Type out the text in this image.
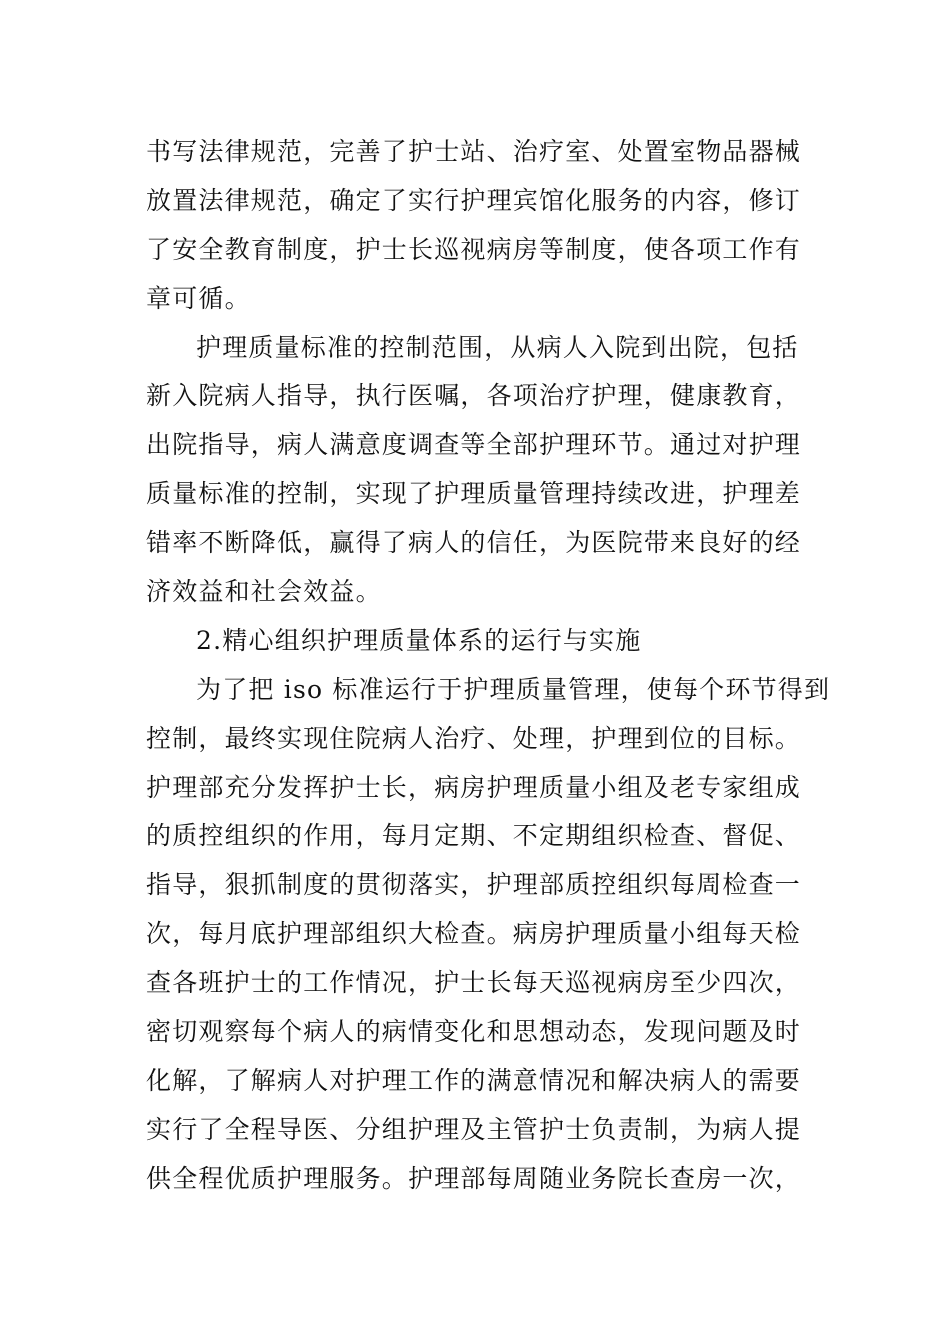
书写法律规范，完善了护士站、治疗室、处置室物品器械
放置法律规范，确定了实行护理宾馆化服务的内容，修订
了安全教育制度，护士长巡视病房等制度，使各项工作有
章可循。
护理质量标准的控制范围，从病人入院到出院，包括
新入院病人指导，执行医嘱，各项治疗护理，健康教育，
出院指导，病人满意度调查等全部护理环节。通过对护理
质量标准的控制，实现了护理质量管理持续改进，护理差
错率不断降低，赢得了病人的信任，为医院带来良好的经
济效益和社会效益。
2.精心组织护理质量体系的运行与实施
为了把 iso 标准运行于护理质量管理，使每个环节得到
控制，最终实现住院病人治疗、处理，护理到位的目标。
护理部充分发挥护士长，病房护理质量小组及老专家组成
的质控组织的作用，每月定期、不定期组织检查、督促、
指导，狠抓制度的贯彻落实，护理部质控组织每周检查一
次，每月底护理部组织大检查。病房护理质量小组每天检
查各班护士的工作情况，护士长每天巡视病房至少四次，
密切观察每个病人的病情变化和思想动态，发现问题及时
化解，了解病人对护理工作的满意情况和解决病人的需要
实行了全程导医、分组护理及主管护士负责制，为病人提
供全程优质护理服务。护理部每周随业务院长查房一次，
